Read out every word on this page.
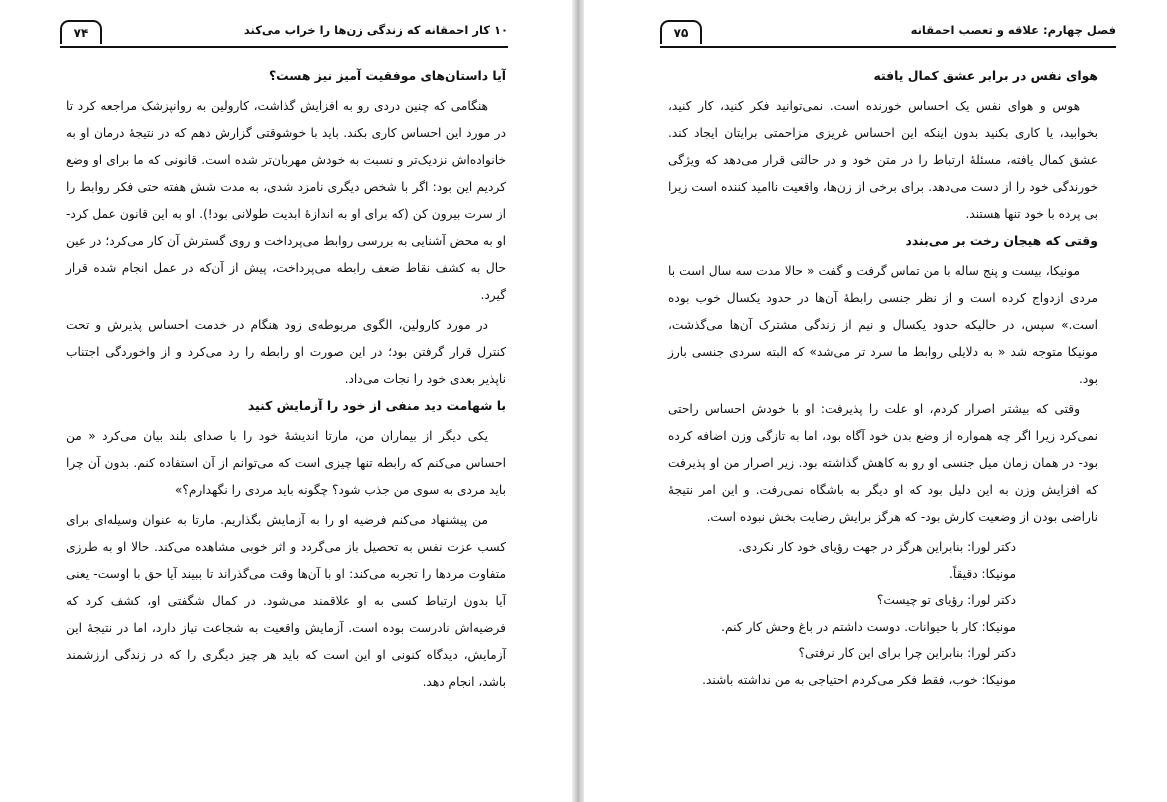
۷۴	۱۰ کار احمقانه که زندگی زن‌ها را خراب می‌کند
آیا داستان‌های موفقیت آمیز نیز هست؟
هنگامی که چنین دردی رو به افزایش گذاشت، کارولین به روانپزشک مراجعه کرد تا در مورد این احساس کاری بکند. باید با خوشوقتی گزارش دهم که در نتیجهٔ درمان او به خانواده‌اش نزدیک‌تر و نسبت به خودش مهربان‌تر شده است. قانونی که ما برای او وضع کردیم این بود: اگر با شخص دیگری نامزد شدی، به مدت شش هفته حتی فکر روابط را از سرت بیرون کن (که برای او به اندازهٔ ابدیت طولانی بود!). او به این قانون عمل کرد- او به محض آشنایی به بررسی روابط می‌پرداخت و روی گسترش آن کار می‌کرد؛ در عین حال به کشف نقاط ضعف رابطه می‌پرداخت، پیش از آن‌که در عمل انجام شده قرار گیرد.
در مورد کارولین، الگوی مربوطه‌ی زود هنگام در خدمت احساس پذیرش و تحت کنترل قرار گرفتن بود؛ در این صورت او رابطه را رد می‌کرد و از واخوردگی اجتناب ناپذیر بعدی خود را نجات می‌داد.
با شهامت دید منفی از خود را آزمایش کنید
یکی دیگر از بیماران من، مارتا اندیشهٔ خود را با صدای بلند بیان می‌کرد « من احساس می‌کنم که رابطه تنها چیزی است که می‌توانم از آن استفاده کنم. بدون آن چرا باید مردی به سوی من جذب شود؟ چگونه باید مردی را نگهدارم؟»
من پیشنهاد می‌کنم فرضیه او را به آزمایش بگذاریم. مارتا به عنوان وسیله‌ای برای کسب عزت نفس به تحصیل باز می‌گردد و اثر خوبی مشاهده می‌کند. حالا او به طرزی متفاوت مردها را تجربه می‌کند: او با آن‌ها وقت می‌گذراند تا ببیند آیا حق با اوست- یعنی آیا بدون ارتباط کسی به او علاقمند می‌شود. در کمال شگفتی او، کشف کرد که فرضیه‌اش نادرست بوده است. آزمایش واقعیت به شجاعت نیاز دارد، اما در نتیجهٔ این آزمایش، دیدگاه کنونی او این است که باید هر چیز دیگری را که در زندگی ارزشمند باشد، انجام دهد.
۷۵	فصل چهارم: علاقه و تعصب احمقانه
هوای نفس در برابر عشق کمال یافته
هوس و هوای نفس یک احساس خورنده است. نمی‌توانید فکر کنید، کار کنید، بخوابید، یا کاری بکنید بدون اینکه این احساس غریزی مزاحمتی برایتان ایجاد کند. عشق کمال یافته، مسئلهٔ ارتباط را در متن خود و در حالتی قرار می‌دهد که ویژگی خورندگی خود را از دست می‌دهد. برای برخی از زن‌ها، واقعیت ناامید کننده است زیرا بی پرده با خود تنها هستند.
وقتی که هیجان رخت بر می‌بندد
مونیکا، بیست و پنج ساله با من تماس گرفت و گفت « حالا مدت سه سال است با مردی ازدواج کرده است و از نظر جنسی رابطهٔ آن‌ها در حدود یکسال خوب بوده است.» سپس، در حالیکه حدود یکسال و نیم از زندگی مشترک آن‌ها می‌گذشت، مونیکا متوجه شد « به دلایلی روابط ما سرد تر می‌شد» که البته سردی جنسی بارز بود.
وقتی که بیشتر اصرار کردم، او علت را پذیرفت: او با خودش احساس راحتی نمی‌کرد زیرا اگر چه همواره از وضع بدن خود آگاه بود، اما به تازگی وزن اضافه کرده بود- در همان زمان میل جنسی او رو به کاهش گذاشته بود. زیر اصرار من او پذیرفت که افزایش وزن به این دلیل بود که او دیگر به باشگاه نمی‌رفت. و این امر نتیجهٔ ناراضی بودن از وضعیت کارش بود- که هرگز برایش رضایت بخش نبوده است.
دکتر لورا: بنابراین هرگز در جهت رؤیای خود کار نکردی.
مونیکا: دقیقاً.
دکتر لورا: رؤیای تو چیست؟
مونیکا: کار با حیوانات. دوست داشتم در باغ وحش کار کنم.
دکتر لورا: بنابراین چرا برای این کار نرفتی؟
مونیکا: خوب، فقط فکر می‌کردم احتیاجی به من نداشته باشند.
